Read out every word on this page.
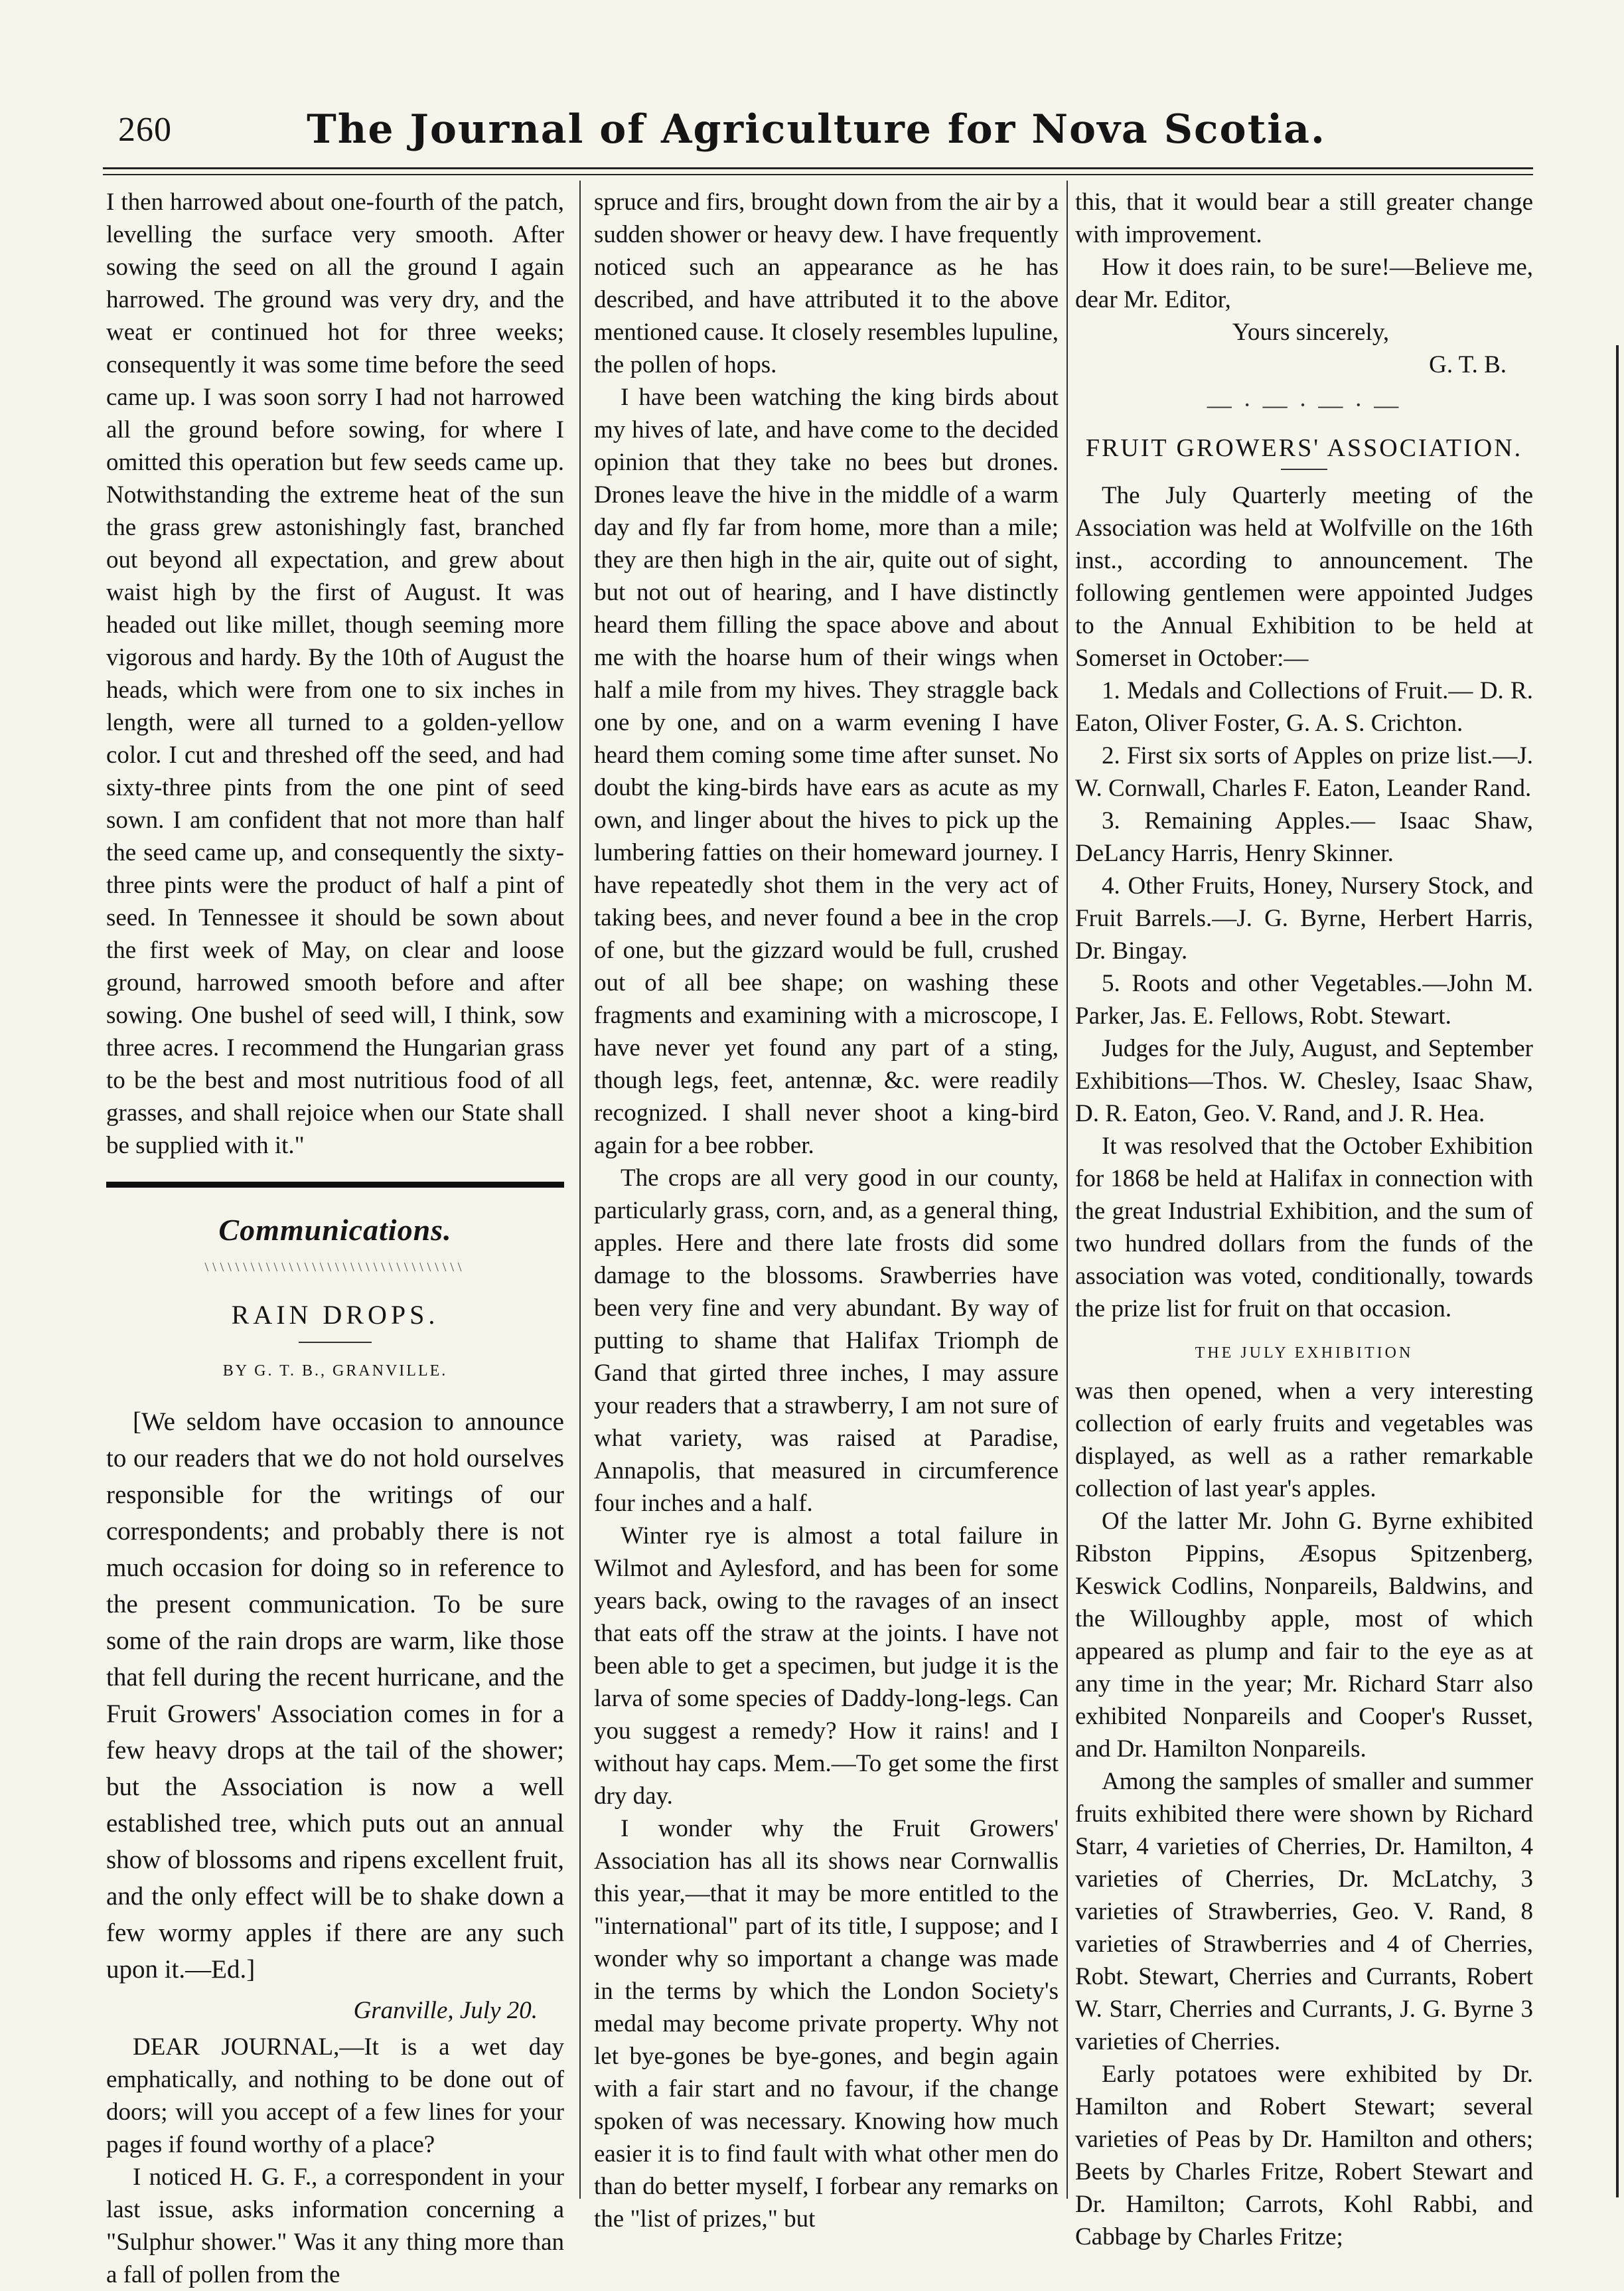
260	The Journal of Agriculture for Nova Scotia.

I then harrowed about one-fourth of the patch, levelling the surface very smooth. After sowing the seed on all the ground I again harrowed. The ground was very dry, and the weat er continued hot for three weeks; consequently it was some time before the seed came up. I was soon sorry I had not harrowed all the ground before sowing, for where I omitted this operation but few seeds came up. Notwithstanding the extreme heat of the sun the grass grew astonishingly fast, branched out beyond all expectation, and grew about waist high by the first of August. It was headed out like millet, though seeming more vigorous and hardy. By the 10th of August the heads, which were from one to six inches in length, were all turned to a golden-yellow color. I cut and threshed off the seed, and had sixty-three pints from the one pint of seed sown. I am confident that not more than half the seed came up, and consequently the sixty-three pints were the product of half a pint of seed. In Tennessee it should be sown about the first week of May, on clear and loose ground, harrowed smooth before and after sowing. One bushel of seed will, I think, sow three acres. I recommend the Hungarian grass to be the best and most nutritious food of all grasses, and shall rejoice when our State shall be supplied with it."

Communications.
\\\\\\\\\\\\\\\\\\\\\\\\\\\\\\\\\\
RAIN DROPS.
BY G. T. B., GRANVILLE.

[We seldom have occasion to announce to our readers that we do not hold ourselves responsible for the writings of our correspondents; and probably there is not much occasion for doing so in reference to the present communication. To be sure some of the rain drops are warm, like those that fell during the recent hurricane, and the Fruit Growers' Association comes in for a few heavy drops at the tail of the shower; but the Association is now a well established tree, which puts out an annual show of blossoms and ripens excellent fruit, and the only effect will be to shake down a few wormy apples if there are any such upon it.—Ed.]

Granville, July 20.

DEAR JOURNAL,—It is a wet day emphatically, and nothing to be done out of doors; will you accept of a few lines for your pages if found worthy of a place?

I noticed H. G. F., a correspondent in your last issue, asks information concerning a "Sulphur shower." Was it any thing more than a fall of pollen from the

spruce and firs, brought down from the air by a sudden shower or heavy dew. I have frequently noticed such an appearance as he has described, and have attributed it to the above mentioned cause. It closely resembles lupuline, the pollen of hops.

I have been watching the king birds about my hives of late, and have come to the decided opinion that they take no bees but drones. Drones leave the hive in the middle of a warm day and fly far from home, more than a mile; they are then high in the air, quite out of sight, but not out of hearing, and I have distinctly heard them filling the space above and about me with the hoarse hum of their wings when half a mile from my hives. They straggle back one by one, and on a warm evening I have heard them coming some time after sunset. No doubt the king-birds have ears as acute as my own, and linger about the hives to pick up the lumbering fatties on their homeward journey. I have repeatedly shot them in the very act of taking bees, and never found a bee in the crop of one, but the gizzard would be full, crushed out of all bee shape; on washing these fragments and examining with a microscope, I have never yet found any part of a sting, though legs, feet, antennæ, &c. were readily recognized. I shall never shoot a king-bird again for a bee robber.

The crops are all very good in our county, particularly grass, corn, and, as a general thing, apples. Here and there late frosts did some damage to the blossoms. Srawberries have been very fine and very abundant. By way of putting to shame that Halifax Triomph de Gand that girted three inches, I may assure your readers that a strawberry, I am not sure of what variety, was raised at Paradise, Annapolis, that measured in circumference four inches and a half.

Winter rye is almost a total failure in Wilmot and Aylesford, and has been for some years back, owing to the ravages of an insect that eats off the straw at the joints. I have not been able to get a specimen, but judge it is the larva of some species of Daddy-long-legs. Can you suggest a remedy? How it rains! and I without hay caps. Mem.—To get some the first dry day.

I wonder why the Fruit Growers' Association has all its shows near Cornwallis this year,—that it may be more entitled to the "international" part of its title, I suppose; and I wonder why so important a change was made in the terms by which the London Society's medal may become private property. Why not let bye-gones be bye-gones, and begin again with a fair start and no favour, if the change spoken of was necessary. Knowing how much easier it is to find fault with what other men do than do better myself, I forbear any remarks on the "list of prizes," but

this, that it would bear a still greater change with improvement.

How it does rain, to be sure!—Believe me, dear Mr. Editor,

Yours sincerely,
G. T. B.
— · — · — · —
FRUIT GROWERS' ASSOCIATION.

The July Quarterly meeting of the Association was held at Wolfville on the 16th inst., according to announcement. The following gentlemen were appointed Judges to the Annual Exhibition to be held at Somerset in October:—

1. Medals and Collections of Fruit.— D. R. Eaton, Oliver Foster, G. A. S. Crichton.

2. First six sorts of Apples on prize list.—J. W. Cornwall, Charles F. Eaton, Leander Rand.

3. Remaining Apples.— Isaac Shaw, DeLancy Harris, Henry Skinner.

4. Other Fruits, Honey, Nursery Stock, and Fruit Barrels.—J. G. Byrne, Herbert Harris, Dr. Bingay.

5. Roots and other Vegetables.—John M. Parker, Jas. E. Fellows, Robt. Stewart.

Judges for the July, August, and September Exhibitions—Thos. W. Chesley, Isaac Shaw, D. R. Eaton, Geo. V. Rand, and J. R. Hea.

It was resolved that the October Exhibition for 1868 be held at Halifax in connection with the great Industrial Exhibition, and the sum of two hundred dollars from the funds of the association was voted, conditionally, towards the prize list for fruit on that occasion.

THE JULY EXHIBITION

was then opened, when a very interesting collection of early fruits and vegetables was displayed, as well as a rather remarkable collection of last year's apples.

Of the latter Mr. John G. Byrne exhibited Ribston Pippins, Æsopus Spitzenberg, Keswick Codlins, Nonpareils, Baldwins, and the Willoughby apple, most of which appeared as plump and fair to the eye as at any time in the year; Mr. Richard Starr also exhibited Nonpareils and Cooper's Russet, and Dr. Hamilton Nonpareils.

Among the samples of smaller and summer fruits exhibited there were shown by Richard Starr, 4 varieties of Cherries, Dr. Hamilton, 4 varieties of Cherries, Dr. McLatchy, 3 varieties of Strawberries, Geo. V. Rand, 8 varieties of Strawberries and 4 of Cherries, Robt. Stewart, Cherries and Currants, Robert W. Starr, Cherries and Currants, J. G. Byrne 3 varieties of Cherries.

Early potatoes were exhibited by Dr. Hamilton and Robert Stewart; several varieties of Peas by Dr. Hamilton and others; Beets by Charles Fritze, Robert Stewart and Dr. Hamilton; Carrots, Kohl Rabbi, and Cabbage by Charles Fritze;
